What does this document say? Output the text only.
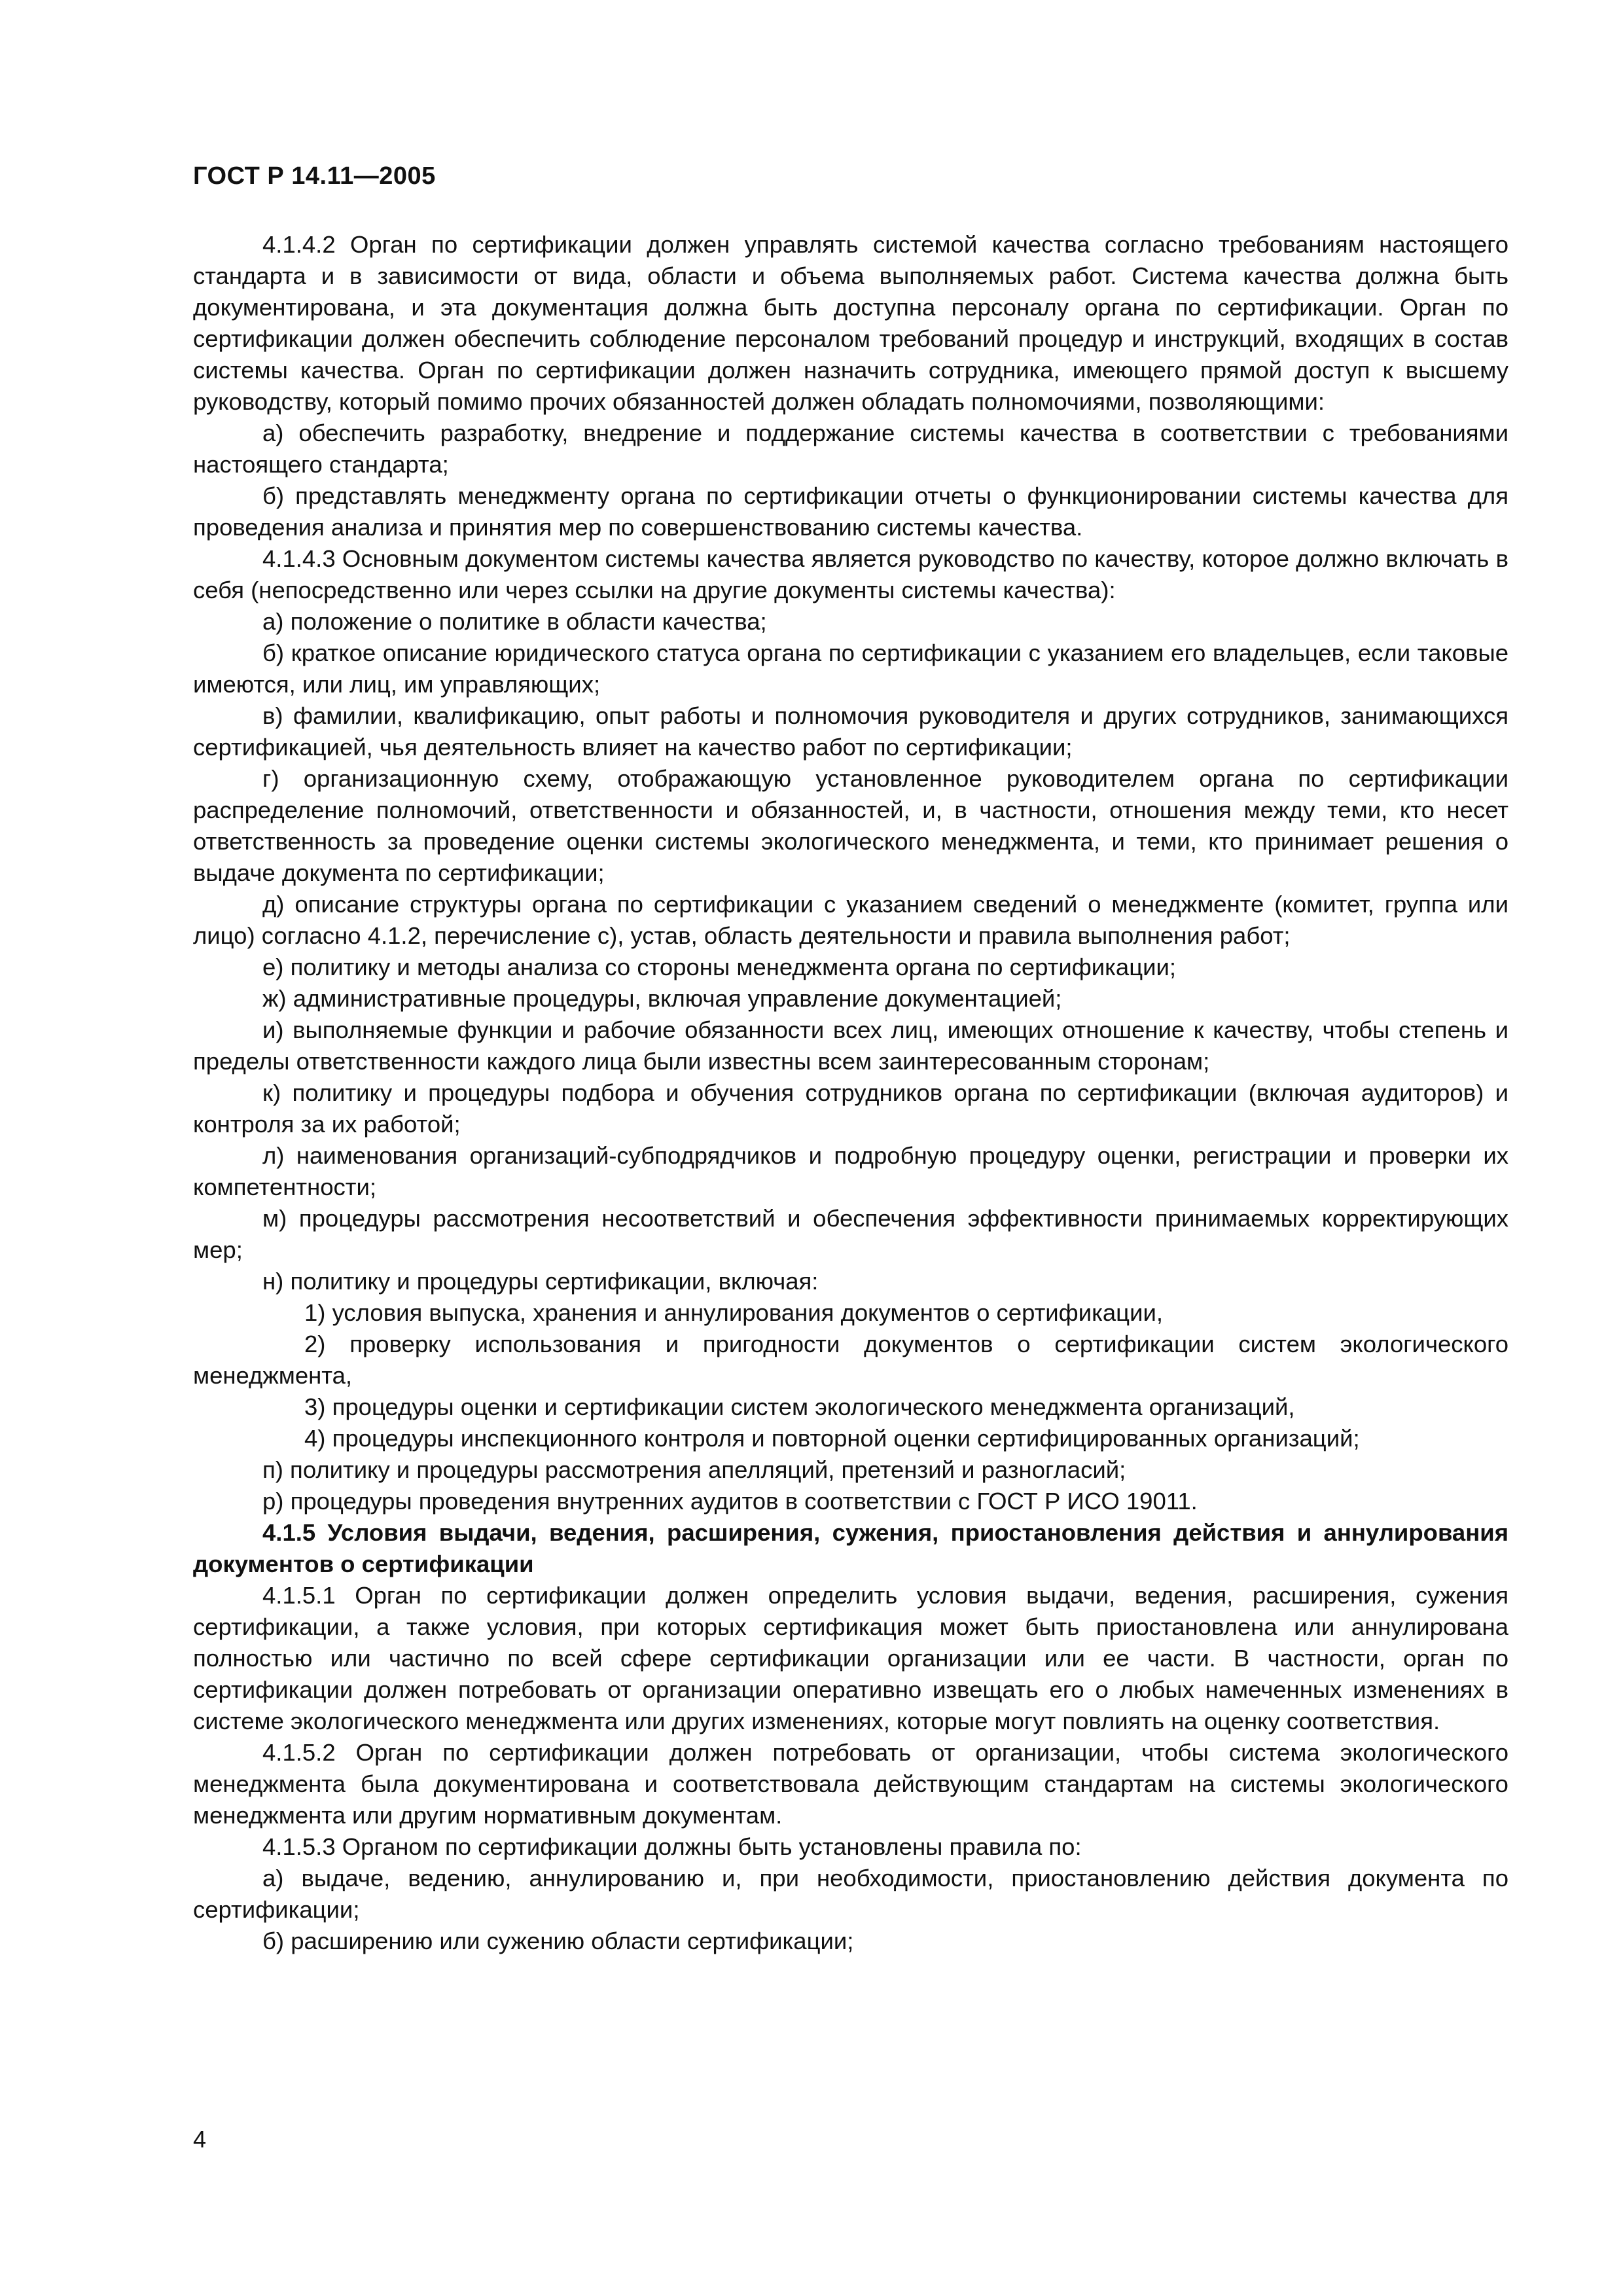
ГОСТ Р 14.11—2005

4.1.4.2 Орган по сертификации должен управлять системой качества согласно требованиям настоящего стандарта и в зависимости от вида, области и объема выполняемых работ. Система качества должна быть документирована, и эта документация должна быть доступна персоналу органа по сертификации. Орган по сертификации должен обеспечить соблюдение персоналом требований процедур и инструкций, входящих в состав системы качества. Орган по сертификации должен назначить сотрудника, имеющего прямой доступ к высшему руководству, который помимо прочих обязанностей должен обладать полномочиями, позволяющими:

а) обеспечить разработку, внедрение и поддержание системы качества в соответствии с требованиями настоящего стандарта;

б) представлять менеджменту органа по сертификации отчеты о функционировании системы качества для проведения анализа и принятия мер по совершенствованию системы качества.

4.1.4.3 Основным документом системы качества является руководство по качеству, которое должно включать в себя (непосредственно или через ссылки на другие документы системы качества):

а) положение о политике в области качества;

б) краткое описание юридического статуса органа по сертификации с указанием его владельцев, если таковые имеются, или лиц, им управляющих;

в) фамилии, квалификацию, опыт работы и полномочия руководителя и других сотрудников, занимающихся сертификацией, чья деятельность влияет на качество работ по сертификации;

г) организационную схему, отображающую установленное руководителем органа по сертификации распределение полномочий, ответственности и обязанностей, и, в частности, отношения между теми, кто несет ответственность за проведение оценки системы экологического менеджмента, и теми, кто принимает решения о выдаче документа по сертификации;

д) описание структуры органа по сертификации с указанием сведений о менеджменте (комитет, группа или лицо) согласно 4.1.2, перечисление с), устав, область деятельности и правила выполнения работ;

е) политику и методы анализа со стороны менеджмента органа по сертификации;

ж) административные процедуры, включая управление документацией;

и) выполняемые функции и рабочие обязанности всех лиц, имеющих отношение к качеству, чтобы степень и пределы ответственности каждого лица были известны всем заинтересованным сторонам;

к) политику и процедуры подбора и обучения сотрудников органа по сертификации (включая аудиторов) и контроля за их работой;

л) наименования организаций-субподрядчиков и подробную процедуру оценки, регистрации и проверки их компетентности;

м) процедуры рассмотрения несоответствий и обеспечения эффективности принимаемых корректирующих мер;

н) политику и процедуры сертификации, включая:

1) условия выпуска, хранения и аннулирования документов о сертификации,

2) проверку использования и пригодности документов о сертификации систем экологического менеджмента,

3) процедуры оценки и сертификации систем экологического менеджмента организаций,

4) процедуры инспекционного контроля и повторной оценки сертифицированных организаций;

п) политику и процедуры рассмотрения апелляций, претензий и разногласий;

р) процедуры проведения внутренних аудитов в соответствии с ГОСТ Р ИСО 19011.

4.1.5 Условия выдачи, ведения, расширения, сужения, приостановления действия и аннулирования документов о сертификации

4.1.5.1 Орган по сертификации должен определить условия выдачи, ведения, расширения, сужения сертификации, а также условия, при которых сертификация может быть приостановлена или аннулирована полностью или частично по всей сфере сертификации организации или ее части. В частности, орган по сертификации должен потребовать от организации оперативно извещать его о любых намеченных изменениях в системе экологического менеджмента или других изменениях, которые могут повлиять на оценку соответствия.

4.1.5.2 Орган по сертификации должен потребовать от организации, чтобы система экологического менеджмента была документирована и соответствовала действующим стандартам на системы экологического менеджмента или другим нормативным документам.

4.1.5.3 Органом по сертификации должны быть установлены правила по:

а) выдаче, ведению, аннулированию и, при необходимости, приостановлению действия документа по сертификации;

б) расширению или сужению области сертификации;

4
